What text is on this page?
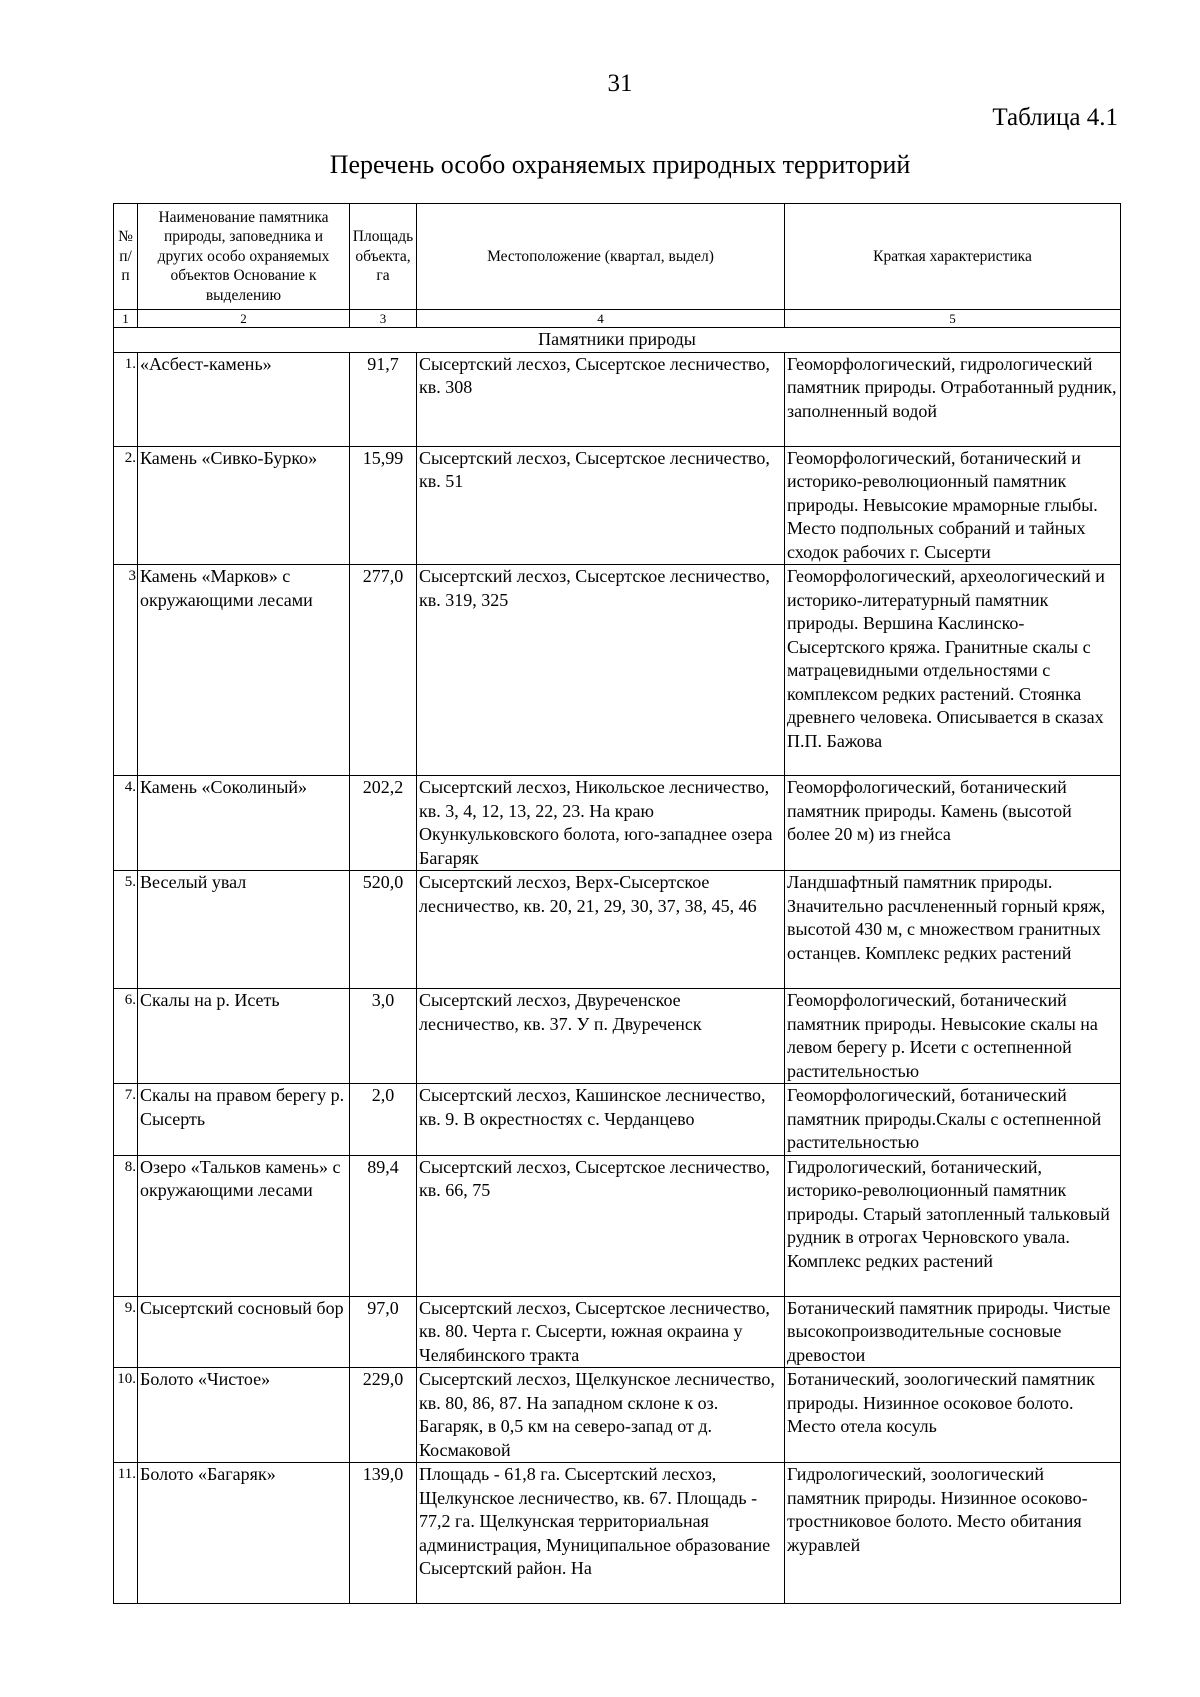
31
Таблица 4.1
Перечень особо охраняемых природных территорий
№ п/п	Наименование памятника природы, заповедника и других особо охраняемых объектов Основание к выделению	Площадь объекта, га	Местоположение (квартал, выдел)	Краткая характеристика
1	2	3	4	5
Памятники природы				
1.	«Асбест-камень»	91,7	Сысертский лесхоз, Сысертское лесничество, кв. 308	Геоморфологический, гидрологический памятник природы. Отработанный рудник, заполненный водой
2.	Камень «Сивко-Бурко»	15,99	Сысертский лесхоз, Сысертское лесничество, кв. 51	Геоморфологический, ботанический и историко-революционный памятник природы. Невысокие мраморные глыбы. Место подпольных собраний и тайных сходок рабочих г. Сысерти
3	Камень «Марков» с окружающими лесами	277,0	Сысертский лесхоз, Сысертское лесничество, кв. 319, 325	Геоморфологический, археологический и историко-литературный памятник природы. Вершина Каслинско-Сысертского кряжа. Гранитные скалы с матрацевидными отдельностями с комплексом редких растений. Стоянка древнего человека. Описывается в сказах П.П. Бажова
4.	Камень «Соколиный»	202,2	Сысертский лесхоз, Никольское лесничество, кв. 3, 4, 12, 13, 22, 23. На краю Окункульковского болота, юго-западнее озера Багаряк	Геоморфологический, ботанический памятник природы. Камень (высотой более 20 м) из гнейса
5.	Веселый увал	520,0	Сысертский лесхоз, Верх-Сысертское лесничество, кв. 20, 21, 29, 30, 37, 38, 45, 46	Ландшафтный памятник природы. Значительно расчлененный горный кряж, высотой 430 м, с множеством гранитных останцев. Комплекс редких растений
6.	Скалы на р. Исеть	3,0	Сысертский лесхоз, Двуреченское лесничество, кв. 37. У п. Двуреченск	Геоморфологический, ботанический памятник природы. Невысокие скалы на левом берегу р. Исети с остепненной растительностью
7.	Скалы на правом берегу р. Сысерть	2,0	Сысертский лесхоз, Кашинское лесничество, кв. 9. В окрестностях с. Черданцево	Геоморфологический, ботанический памятник природы.Скалы с остепненной растительностью
8.	Озеро «Тальков камень» с окружающими лесами	89,4	Сысертский лесхоз, Сысертское лесничество, кв. 66, 75	Гидрологический, ботанический, историко-революционный памятник природы. Старый затопленный тальковый рудник в отрогах Черновского увала. Комплекс редких растений
9.	Сысертский сосновый бор	97,0	Сысертский лесхоз, Сысертское лесничество, кв. 80. Черта г. Сысерти, южная окраина у Челябинского тракта	Ботанический памятник природы. Чистые высокопроизводительные сосновые древостои
10.	Болото «Чистое»	229,0	Сысертский лесхоз, Щелкунское лесничество, кв. 80, 86, 87. На западном склоне к оз. Багаряк, в 0,5 км на северо-запад от д. Космаковой	Ботанический, зоологический памятник природы. Низинное осоковое болото. Место отела косуль
11.	Болото «Багаряк»	139,0	Площадь - 61,8 га. Сысертский лесхоз, Щелкунское лесничество, кв. 67. Площадь - 77,2 га. Щелкунская территориальная администрация, Муниципальное образование Сысертский район. На	Гидрологический, зоологический памятник природы. Низинное осоково-тростниковое болото. Место обитания журавлей
